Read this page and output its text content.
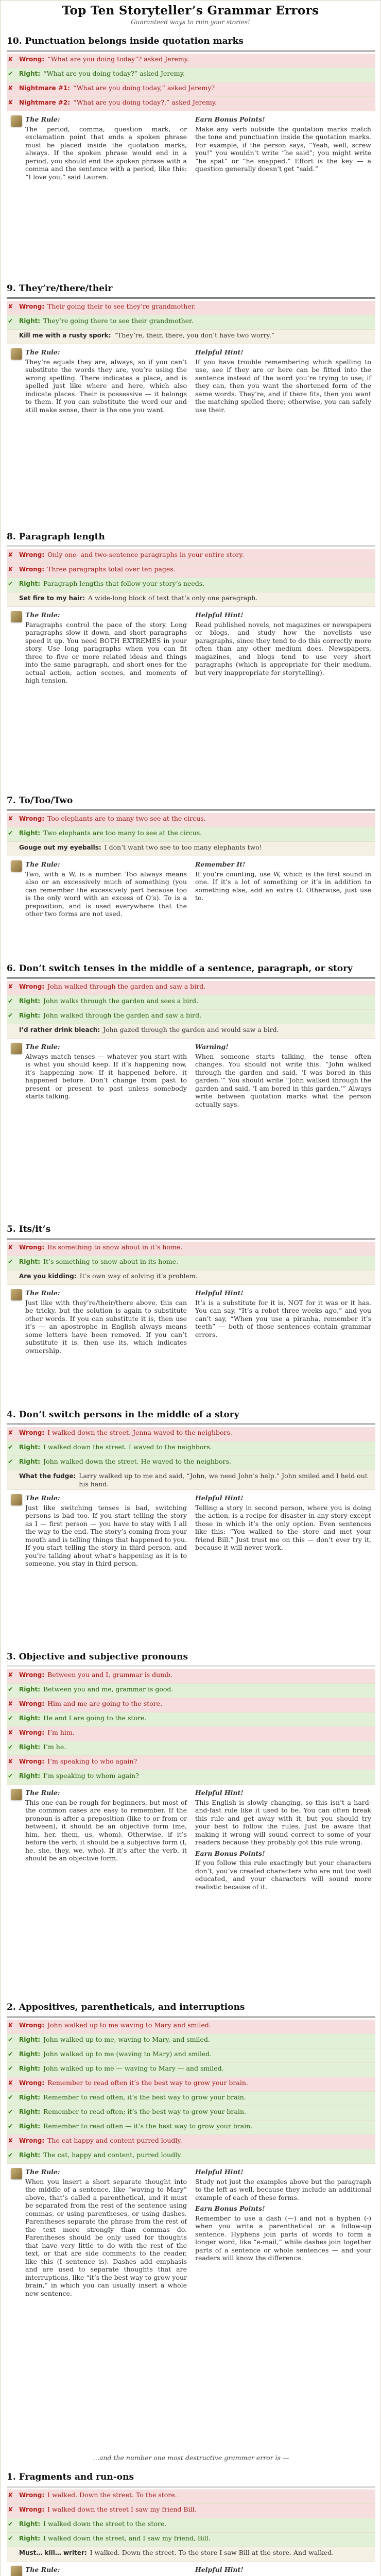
Top Ten Storyteller’s Grammar Errors
Guaranteed ways to ruin your stories!
10. Punctuation belongs inside quotation marks
✘ Wrong: “What are you doing today”? asked Jeremy.
✔ Right: “What are you doing today?” asked Jeremy.
✘ Nightmare #1: “What are you doing today,” asked Jeremy?
✘ Nightmare #2: “What are you doing today?,” asked Jeremy.
The Rule:

The period, comma, question mark, or exclamation point that ends a spoken phrase must be placed inside the quotation marks, always. If the spoken phrase would end in a period, you should end the spoken phrase with a comma and the sentence with a period, like this: “I love you,” said Lauren.

Earn Bonus Points!

Make any verb outside the quotation marks match the tone and punctuation inside the quotation marks. For example, if the person says, “Yeah, well, screw you!” you wouldn’t write “he said”; you might write “he spat” or “he snapped.” Effort is the key — a question generally doesn’t get “said.”

9. They’re/there/their
✘ Wrong: Their going their to see they’re grandmother.
✔ Right: They’re going there to see their grandmother.
Kill me with a rusty spork: “They’re, their, there, you don’t have two worry.”
The Rule:

They’re equals they are, always, so if you can’t substitute the words they are, you’re using the wrong spelling. There indicates a place, and is spelled just like where and here, which also indicate places. Their is possessive — it belongs to them. If you can substitute the word our and still make sense, their is the one you want.

Helpful Hint!

If you have trouble remembering which spelling to use, see if they are or here can be fitted into the sentence instead of the word you’re trying to use; if they can, then you want the shortened form of the same words. They’re, and if there fits, then you want the matching spelled there; otherwise, you can safely use their.

8. Paragraph length
✘ Wrong: Only one- and two-sentence paragraphs in your entire story.
✘ Wrong: Three paragraphs total over ten pages.
✔ Right: Paragraph lengths that follow your story’s needs.
Set fire to my hair: A wide-long block of text that’s only one paragraph.
The Rule:

Paragraphs control the pace of the story. Long paragraphs slow it down, and short paragraphs speed it up. You need BOTH EXTREMES in your story. Use long paragraphs when you can fit three to five or more related ideas and things into the same paragraph, and short ones for the actual action, action scenes, and moments of high tension.

Helpful Hint!

Read published novels, not magazines or newspapers or blogs, and study how the novelists use paragraphs, since they tend to do this correctly more often than any other medium does. Newspapers, magazines, and blogs tend to use very short paragraphs (which is appropriate for their medium, but very inappropriate for storytelling).

7. To/Too/Two
✘ Wrong: Too elephants are to many two see at the circus.
✔ Right: Two elephants are too many to see at the circus.
Gouge out my eyeballs: I don’t want two see to too many elephants two!
The Rule:

Two, with a W, is a number. Too always means also or an excessively much of something (you can remember the excessively part because too is the only word with an excess of O’s). To is a preposition, and is used everywhere that the other two forms are not used.

Remember It!

If you’re counting, use W, which is the first sound in one. If it’s a lot of something or it’s in addition to something else, add an extra O. Otherwise, just use to.

6. Don’t switch tenses in the middle of a sentence, paragraph, or story
✘ Wrong: John walked through the garden and saw a bird.
✔ Right: John walks through the garden and sees a bird.
✔ Right: John walked through the garden and saw a bird.
I’d rather drink bleach: John gazed through the garden and would saw a bird.
The Rule:

Always match tenses — whatever you start with is what you should keep. If it’s happening now, it’s happening now. If it happened before, it happened before. Don’t change from past to present or present to past unless somebody starts talking.

Warning!

When someone starts talking, the tense often changes. You should not write this: “John walked through the garden and said, ‘I was bored in this garden.’” You should write “John walked through the garden and said, ‘I am bored in this garden.’” Always write between quotation marks what the person actually says.

5. Its/it’s
✘ Wrong: Its something to snow about in it’s home.
✔ Right: It’s something to snow about in its home.
Are you kidding: It’s own way of solving it’s problem.
The Rule:

Just like with they’re/their/there above, this can be tricky, but the solution is again to substitute other words. If you can substitute it is, then use it’s — an apostrophe in English always means some letters have been removed. If you can’t substitute it is, then use its, which indicates ownership.

Helpful Hint!

It’s is a substitute for it is, NOT for it was or it has. You can say, “It’s a robot three weeks ago,” and you can’t say, “When you use a piranha, remember it’s teeth” — both of those sentences contain grammar errors.

4. Don’t switch persons in the middle of a story
✘ Wrong: I walked down the street. Jenna waved to the neighbors.
✔ Right: I walked down the street. I waved to the neighbors.
✔ Right: John walked down the street. He waved to the neighbors.
What the fudge: Larry walked up to me and said, “John, we need John’s help.” John smiled and I held out his hand.
The Rule:

Just like switching tenses is bad, switching persons is bad too. If you start telling the story as I — first person — you have to stay with I all the way to the end. The story’s coming from your mouth and is telling things that happened to you. If you start telling the story in third person, and you’re talking about what’s happening as it is to someone, you stay in third person.

Helpful Hint!

Telling a story in second person, where you is doing the action, is a recipe for disaster in any story except those in which it’s the only option. Even sentences like this: “You walked to the store and met your friend Bill.” Just trust me on this — don’t ever try it, because it will never work.

3. Objective and subjective pronouns
✘ Wrong: Between you and I, grammar is dumb.
✔ Right: Between you and me, grammar is good.
✘ Wrong: Him and me are going to the store.
✔ Right: He and I are going to the store.
✘ Wrong: I’m him.
✔ Right: I’m he.
✘ Wrong: I’m speaking to who again?
✔ Right: I’m speaking to whom again?
The Rule:

This one can be rough for beginners, but most of the common cases are easy to remember. If the pronoun is after a preposition (like to or from or between), it should be an objective form (me, him, her, them, us, whom). Otherwise, if it’s before the verb, it should be a subjective form (I, he, she, they, we, who). If it’s after the verb, it should be an objective form.

Helpful Hint!

This English is slowly changing, so this isn’t a hard-and-fast rule like it used to be. You can often break this rule and get away with it, but you should try your best to follow the rules. Just be aware that making it wrong will sound correct to some of your readers because they probably got this rule wrong.

Earn Bonus Points!

If you follow this rule exactingly but your characters don’t, you’ve created characters who are not too well educated, and your characters will sound more realistic because of it.

2. Appositives, parentheticals, and interruptions
✘ Wrong: John walked up to me waving to Mary and smiled.
✔ Right: John walked up to me, waving to Mary, and smiled.
✔ Right: John walked up to me (waving to Mary) and smiled.
✔ Right: John walked up to me — waving to Mary — and smiled.
✘ Wrong: Remember to read often it’s the best way to grow your brain.
✔ Right: Remember to read often, it’s the best way to grow your brain.
✔ Right: Remember to read often; it’s the best way to grow your brain.
✔ Right: Remember to read often — it’s the best way to grow your brain.
✘ Wrong: The cat happy and content purred loudly.
✔ Right: The cat, happy and content, purred loudly.
The Rule:

When you insert a short separate thought into the middle of a sentence, like “waving to Mary” above, that’s called a parenthetical, and it must be separated from the rest of the sentence using commas, or using parentheses, or using dashes. Parentheses separate the phrase from the rest of the text more strongly than commas do. Parentheses should be only used for thoughts that have very little to do with the rest of the text, or that are side comments to the reader, like this (I sentence is). Dashes add emphasis and are used to separate thoughts that are interruptions, like “it’s the best way to grow your brain,” in which you can usually insert a whole new sentence.

Helpful Hint!

Study not just the examples above but the paragraph to the left as well, because they include an additional example of each of these forms.

Earn Bonus Points!

Remember to use a dash (—) and not a hyphen (-) when you write a parenthetical or a follow-up sentence. Hyphens join parts of words to form a longer word, like “e-mail,” while dashes join together parts of a sentence or whole sentences — and your readers will know the difference.

1. Fragments and run-ons
✘ Wrong: I walked. Down the street. To the store.
✘ Wrong: I walked down the street I saw my friend Bill.
✔ Right: I walked down the street to the store.
✔ Right: I walked down the street, and I saw my friend, Bill.
Must… kill… writer: I walked. Down the street. To the store I saw Bill at the store. And walked.
The Rule:	Helpful Hint!

…and the number one most destructive grammar error is —
